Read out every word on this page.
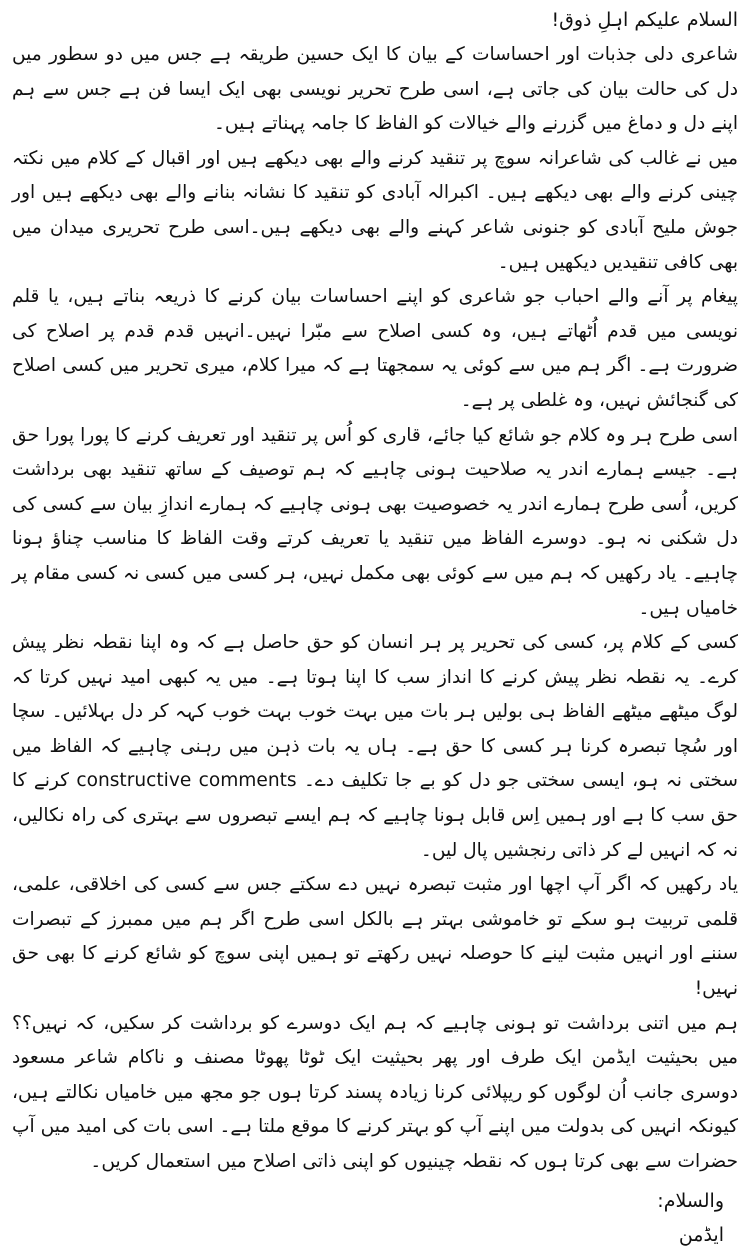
السلام علیکم اہلِ ذوق!

شاعری دلی جذبات اور احساسات کے بیان کا ایک حسین طریقہ ہے جس میں دو سطور میں دل کی حالت بیان کی جاتی ہے، اسی طرح تحریر نویسی بھی ایک ایسا فن ہے جس سے ہم اپنے دل و دماغ میں گزرنے والے خیالات کو الفاظ کا جامہ پہناتے ہیں۔

میں نے غالب کی شاعرانہ سوچ پر تنقید کرنے والے بھی دیکھے ہیں اور اقبال کے کلام میں نکتہ چینی کرنے والے بھی دیکھے ہیں۔ اکبرالہ آبادی کو تنقید کا نشانہ بنانے والے بھی دیکھے ہیں اور جوش ملیح آبادی کو جنونی شاعر کہنے والے بھی دیکھے ہیں۔اسی طرح تحریری میدان میں بھی کافی تنقیدیں دیکھیں ہیں۔

پیغام پر آنے والے احباب جو شاعری کو اپنے احساسات بیان کرنے کا ذریعہ بناتے ہیں، یا قلم نویسی میں قدم اُٹھاتے ہیں، وہ کسی اصلاح سے مبّرا نہیں۔انہیں قدم قدم پر اصلاح کی ضرورت ہے۔ اگر ہم میں سے کوئی یہ سمجھتا ہے کہ میرا کلام، میری تحریر میں کسی اصلاح کی گنجائش نہیں، وہ غلطی پر ہے۔

اسی طرح ہر وہ کلام جو شائع کیا جائے، قاری کو اُس پر تنقید اور تعریف کرنے کا پورا پورا حق ہے۔ جیسے ہمارے اندر یہ صلاحیت ہونی چاہیے کہ ہم توصیف کے ساتھ تنقید بھی برداشت کریں، اُسی طرح ہمارے اندر یہ خصوصیت بھی ہونی چاہیے کہ ہمارے اندازِ بیان سے کسی کی دل شکنی نہ ہو۔ دوسرے الفاظ میں تنقید یا تعریف کرتے وقت الفاظ کا مناسب چناؤ ہونا چاہیے۔ یاد رکھیں کہ ہم میں سے کوئی بھی مکمل نہیں، ہر کسی میں کسی نہ کسی مقام پر خامیاں ہیں۔

کسی کے کلام پر، کسی کی تحریر پر ہر انسان کو حق حاصل ہے کہ وہ اپنا نقطہ نظر پیش کرے۔ یہ نقطہ نظر پیش کرنے کا انداز سب کا اپنا ہوتا ہے۔ میں یہ کبھی امید نہیں کرتا کہ لوگ میٹھے میٹھے الفاظ ہی بولیں ہر بات میں بہت خوب بہت خوب کہہ کر دل بہلائیں۔ سچا اور سُچا تبصرہ کرنا ہر کسی کا حق ہے۔ ہاں یہ بات ذہن میں رہنی چاہیے کہ الفاظ میں سختی نہ ہو، ایسی سختی جو دل کو بے جا تکلیف دے۔ constructive comments کرنے کا حق سب کا ہے اور ہمیں اِس قابل ہونا چاہیے کہ ہم ایسے تبصروں سے بہتری کی راہ نکالیں، نہ کہ انہیں لے کر ذاتی رنجشیں پال لیں۔

یاد رکھیں کہ اگر آپ اچھا اور مثبت تبصرہ نہیں دے سکتے جس سے کسی کی اخلاقی، علمی، قلمی تربیت ہو سکے تو خاموشی بہتر ہے بالکل اسی طرح اگر ہم میں ممبرز کے تبصرات سننے اور انہیں مثبت لینے کا حوصلہ نہیں رکھتے تو ہمیں اپنی سوچ کو شائع کرنے کا بھی حق نہیں!

ہم میں اتنی برداشت تو ہونی چاہیے کہ ہم ایک دوسرے کو برداشت کر سکیں، کہ نہیں؟؟ میں بحیثیت ایڈمن ایک طرف اور پھر بحیثیت ایک ٹوٹا پھوٹا مصنف و ناکام شاعر مسعود دوسری جانب اُن لوگوں کو ریپلائی کرنا زیادہ پسند کرتا ہوں جو مجھ میں خامیاں نکالتے ہیں، کیونکہ انہیں کی بدولت میں اپنے آپ کو بہتر کرنے کا موقع ملتا ہے۔ اسی بات کی امید میں آپ حضرات سے بھی کرتا ہوں کہ نقطہ چینیوں کو اپنی ذاتی اصلاح میں استعمال کریں۔

والسلام:
ایڈمن
